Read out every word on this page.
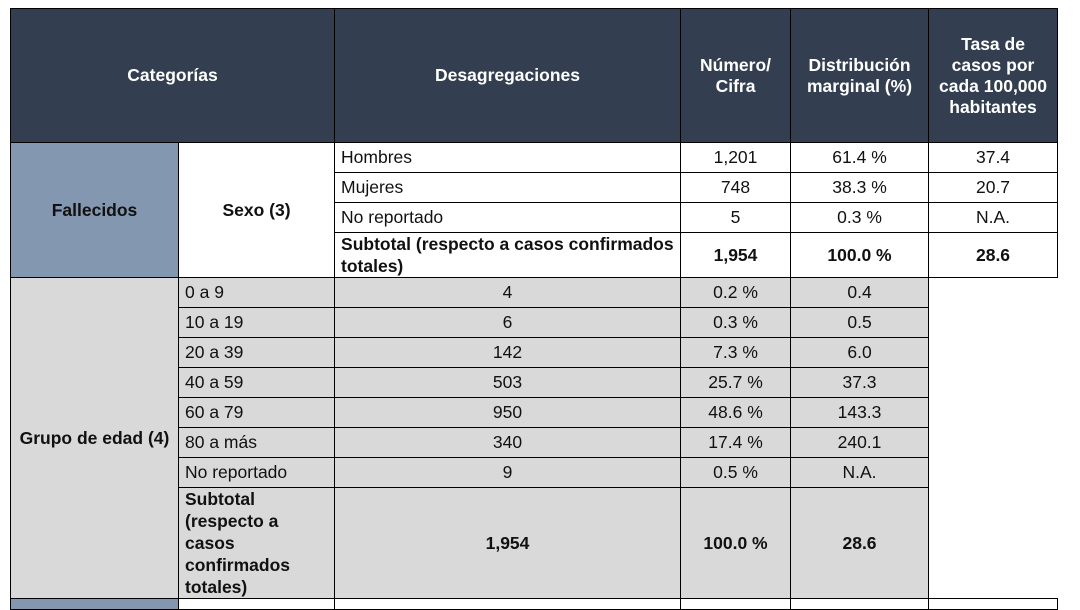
Categorías		Desagregaciones	Número/ Cifra	Distribución marginal (%)	Tasa de casos por cada 100,000 habitantes
Fallecidos	Sexo (3)	Hombres	1,201	61.4 %	37.4
		Mujeres	748	38.3 %	20.7
		No reportado	5	0.3 %	N.A.
		Subtotal (respecto a casos confirmados totales)	1,954	100.0 %	28.6
Grupo de edad (4)	0 a 9	4	0.2 %	0.4	
	10 a 19	6	0.3 %	0.5	
	20 a 39	142	7.3 %	6.0	
	40 a 59	503	25.7 %	37.3	
	60 a 79	950	48.6 %	143.3	
	80 a más	340	17.4 %	240.1	
	No reportado	9	0.5 %	N.A.	
	Subtotal (respecto a casos confirmados totales)	1,954	100.0 %	28.6	
